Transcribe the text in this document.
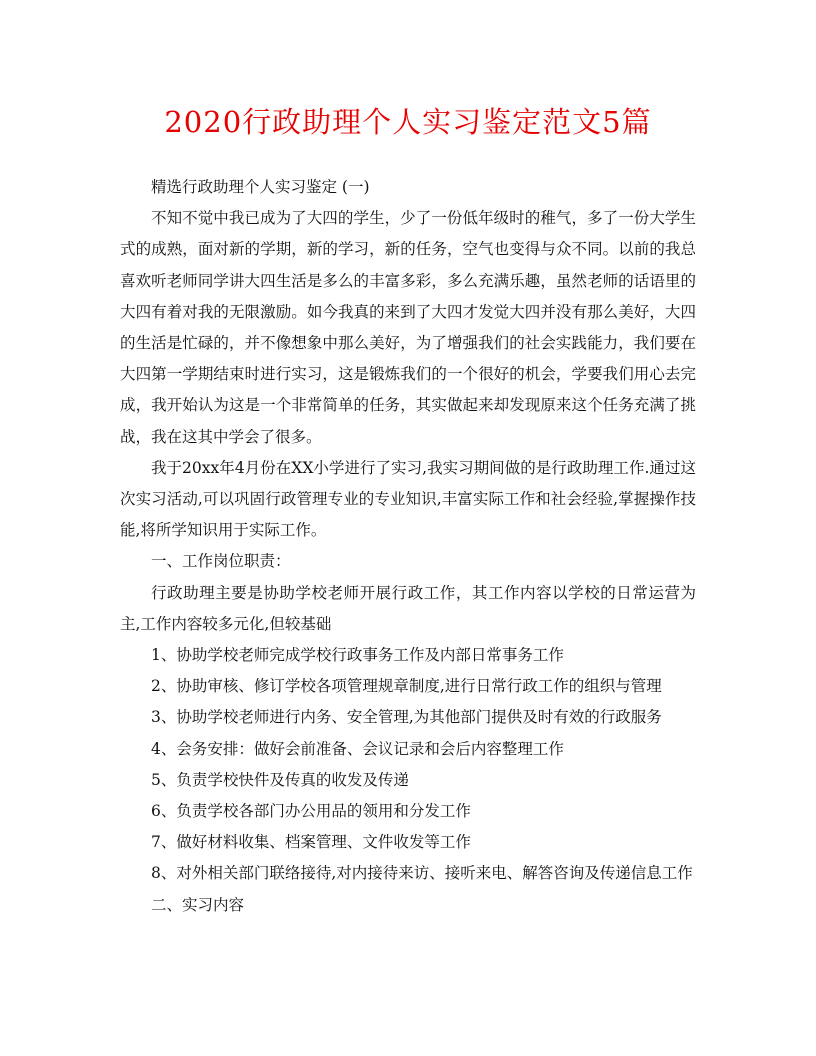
2020行政助理个人实习鉴定范文5篇

精选行政助理个人实习鉴定 (一)

不知不觉中我已成为了大四的学生，少了一份低年级时的稚气，多了一份大学生式的成熟，面对新的学期，新的学习，新的任务，空气也变得与众不同。以前的我总喜欢听老师同学讲大四生活是多么的丰富多彩，多么充满乐趣，虽然老师的话语里的大四有着对我的无限激励。如今我真的来到了大四才发觉大四并没有那么美好，大四的生活是忙碌的，并不像想象中那么美好，为了增强我们的社会实践能力，我们要在大四第一学期结束时进行实习，这是锻炼我们的一个很好的机会，学要我们用心去完成，我开始认为这是一个非常简单的任务，其实做起来却发现原来这个任务充满了挑战，我在这其中学会了很多。

我于20xx年4月份在XX小学进行了实习,我实习期间做的是行政助理工作.通过这次实习活动,可以巩固行政管理专业的专业知识,丰富实际工作和社会经验,掌握操作技能,将所学知识用于实际工作。

一、工作岗位职责：

行政助理主要是协助学校老师开展行政工作，其工作内容以学校的日常运营为主,工作内容较多元化,但较基础

1、协助学校老师完成学校行政事务工作及内部日常事务工作

2、协助审核、修订学校各项管理规章制度,进行日常行政工作的组织与管理

3、协助学校老师进行内务、安全管理,为其他部门提供及时有效的行政服务

4、会务安排：做好会前准备、会议记录和会后内容整理工作

5、负责学校快件及传真的收发及传递

6、负责学校各部门办公用品的领用和分发工作

7、做好材料收集、档案管理、文件收发等工作

8、对外相关部门联络接待,对内接待来访、接听来电、解答咨询及传递信息工作

二、实习内容
